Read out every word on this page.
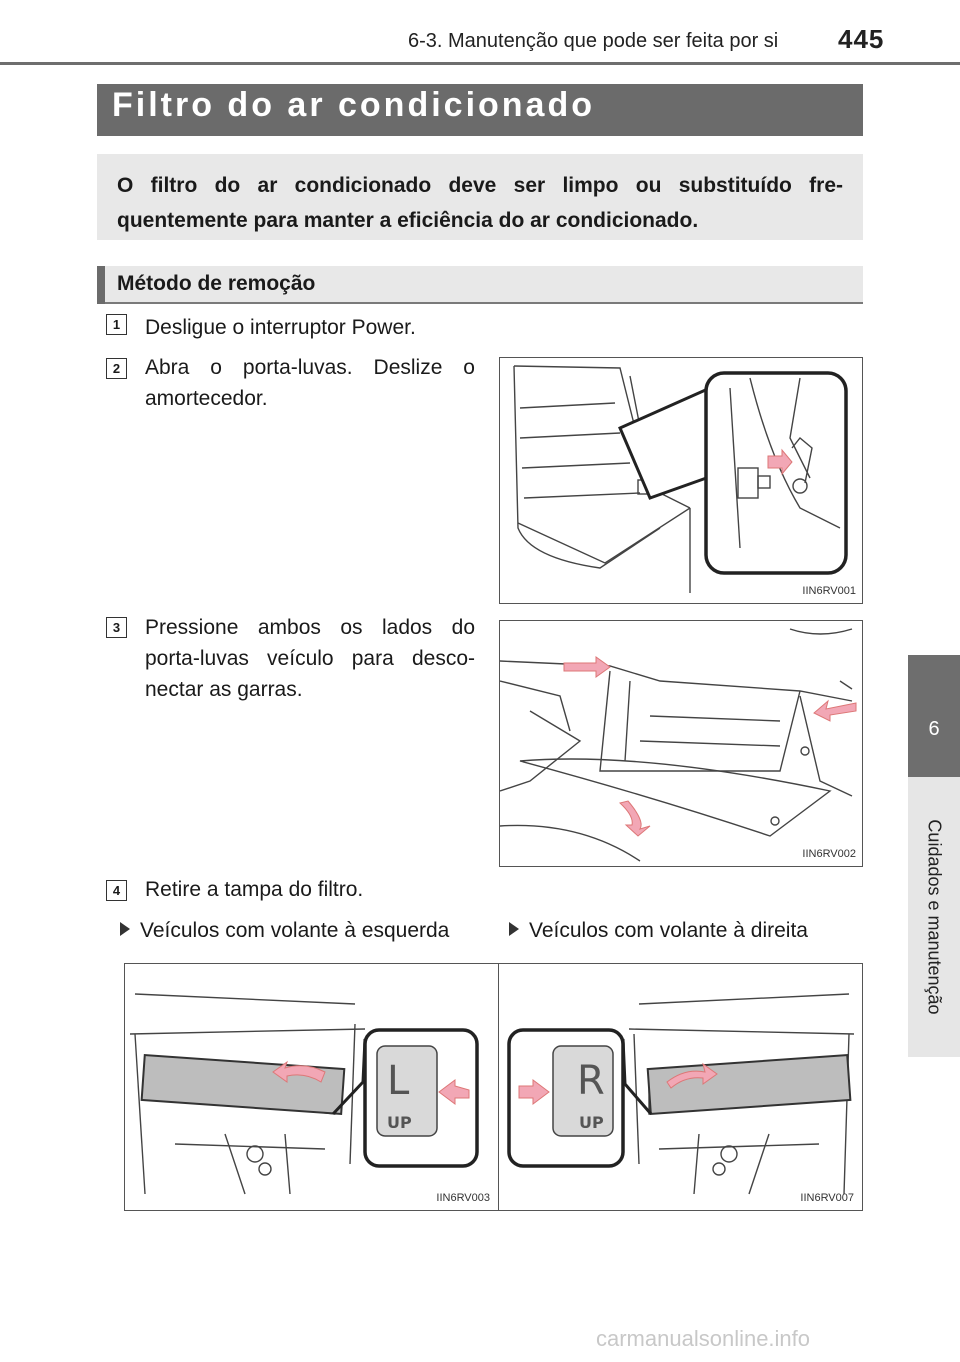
6-3. Manutenção que pode ser feita por si 445
6
Cuidados e manutenção
Filtro do ar condicionado
O filtro do ar condicionado deve ser limpo ou substituído fre-quentemente para manter a eficiência do ar condicionado.
Método de remoção
1	Desligue o interruptor Power.
2	Abra o porta-luvas. Deslize o amortecedor.
IIN6RV001
3	Pressione ambos os lados do porta-luvas veículo para desco-nectar as garras.
IIN6RV002
4	Retire a tampa do filtro.
Veículos com volante à esquerda	Veículos com volante à direita
L
UP
IIN6RV003
R
UP
IIN6RV007
carmanualsonline.info
